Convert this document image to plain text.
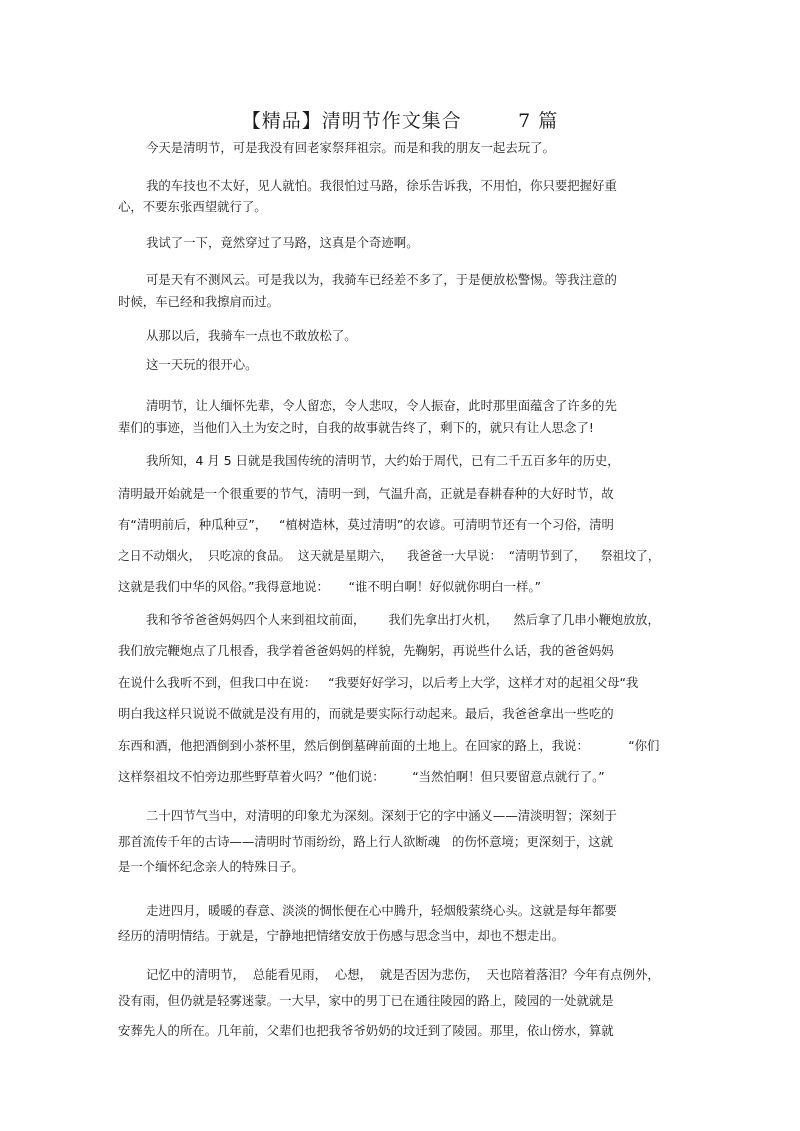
【精品】清明节作文集合        7 篇

今天是清明节，可是我没有回老家祭拜祖宗。而是和我的朋友一起去玩了。

我的车技也不太好，见人就怕。我很怕过马路，徐乐告诉我，不用怕，你只要把握好重

心，不要东张西望就行了。

我试了一下，竟然穿过了马路，这真是个奇迹啊。

可是天有不测风云。可是我以为，我骑车已经差不多了，于是便放松警惕。等我注意的

时候，车已经和我擦肩而过。

从那以后，我骑车一点也不敢放松了。

这一天玩的很开心。

清明节，让人缅怀先辈，令人留恋，令人悲叹，令人振奋，此时那里面蕴含了许多的先

辈们的事迹，当他们入土为安之时，自我的故事就告终了，剩下的，就只有让人思念了!

我所知，4 月 5 日就是我国传统的清明节，大约始于周代，已有二千五百多年的历史，

清明最开始就是一个很重要的节气，清明一到，气温升高，正就是春耕春种的大好时节，故

有“清明前后，种瓜种豆”，   “植树造林，莫过清明”的农谚。可清明节还有一个习俗，清明

之日不动烟火，  只吃凉的食品。  这天就是星期六，    我爸爸一大早说：  “清明节到了，    祭祖坟了，

这就是我们中华的风俗。”我得意地说：     “谁不明白啊！好似就你明白一样。”

我和爷爷爸爸妈妈四个人来到祖坟前面，      我们先拿出打火机，    然后拿了几串小鞭炮放放，

我们放完鞭炮点了几根香，我学着爸爸妈妈的样貌，先鞠躬，再说些什么话，我的爸爸妈妈

在说什么我听不到，但我口中在说：   “我要好好学习，以后考上大学，这样才对的起祖父母“我

明白我这样只说说不做就是没有用的，而就是要实际行动起来。最后，我爸爸拿出一些吃的

东西和酒，他把酒倒到小茶杯里，然后倒倒墓碑前面的土地上。在回家的路上，我说：          “你们

这样祭祖坟不怕旁边那些野草着火吗？”他们说：       “当然怕啊！但只要留意点就行了。”

二十四节气当中，对清明的印象尤为深刻。深刻于它的字中涵义——清淡明智；深刻于

那首流传千年的古诗——清明时节雨纷纷，路上行人欲断魂   的伤怀意境；更深刻于，这就

是一个缅怀纪念亲人的特殊日子。

走进四月，暖暖的春意、淡淡的惆怅便在心中腾升，轻烟般萦绕心头。这就是每年都要

经历的清明情结。于就是，宁静地把情绪安放于伤感与思念当中，却也不想走出。

记忆中的清明节，  总能看见雨，  心想，  就是否因为悲伤，  天也陪着落泪？今年有点例外，

没有雨，但仍就是轻雾迷蒙。一大早，家中的男丁已在通往陵园的路上，陵园的一处就就是

安葬先人的所在。几年前，父辈们也把我爷爷奶奶的坟迁到了陵园。那里，依山傍水，算就
